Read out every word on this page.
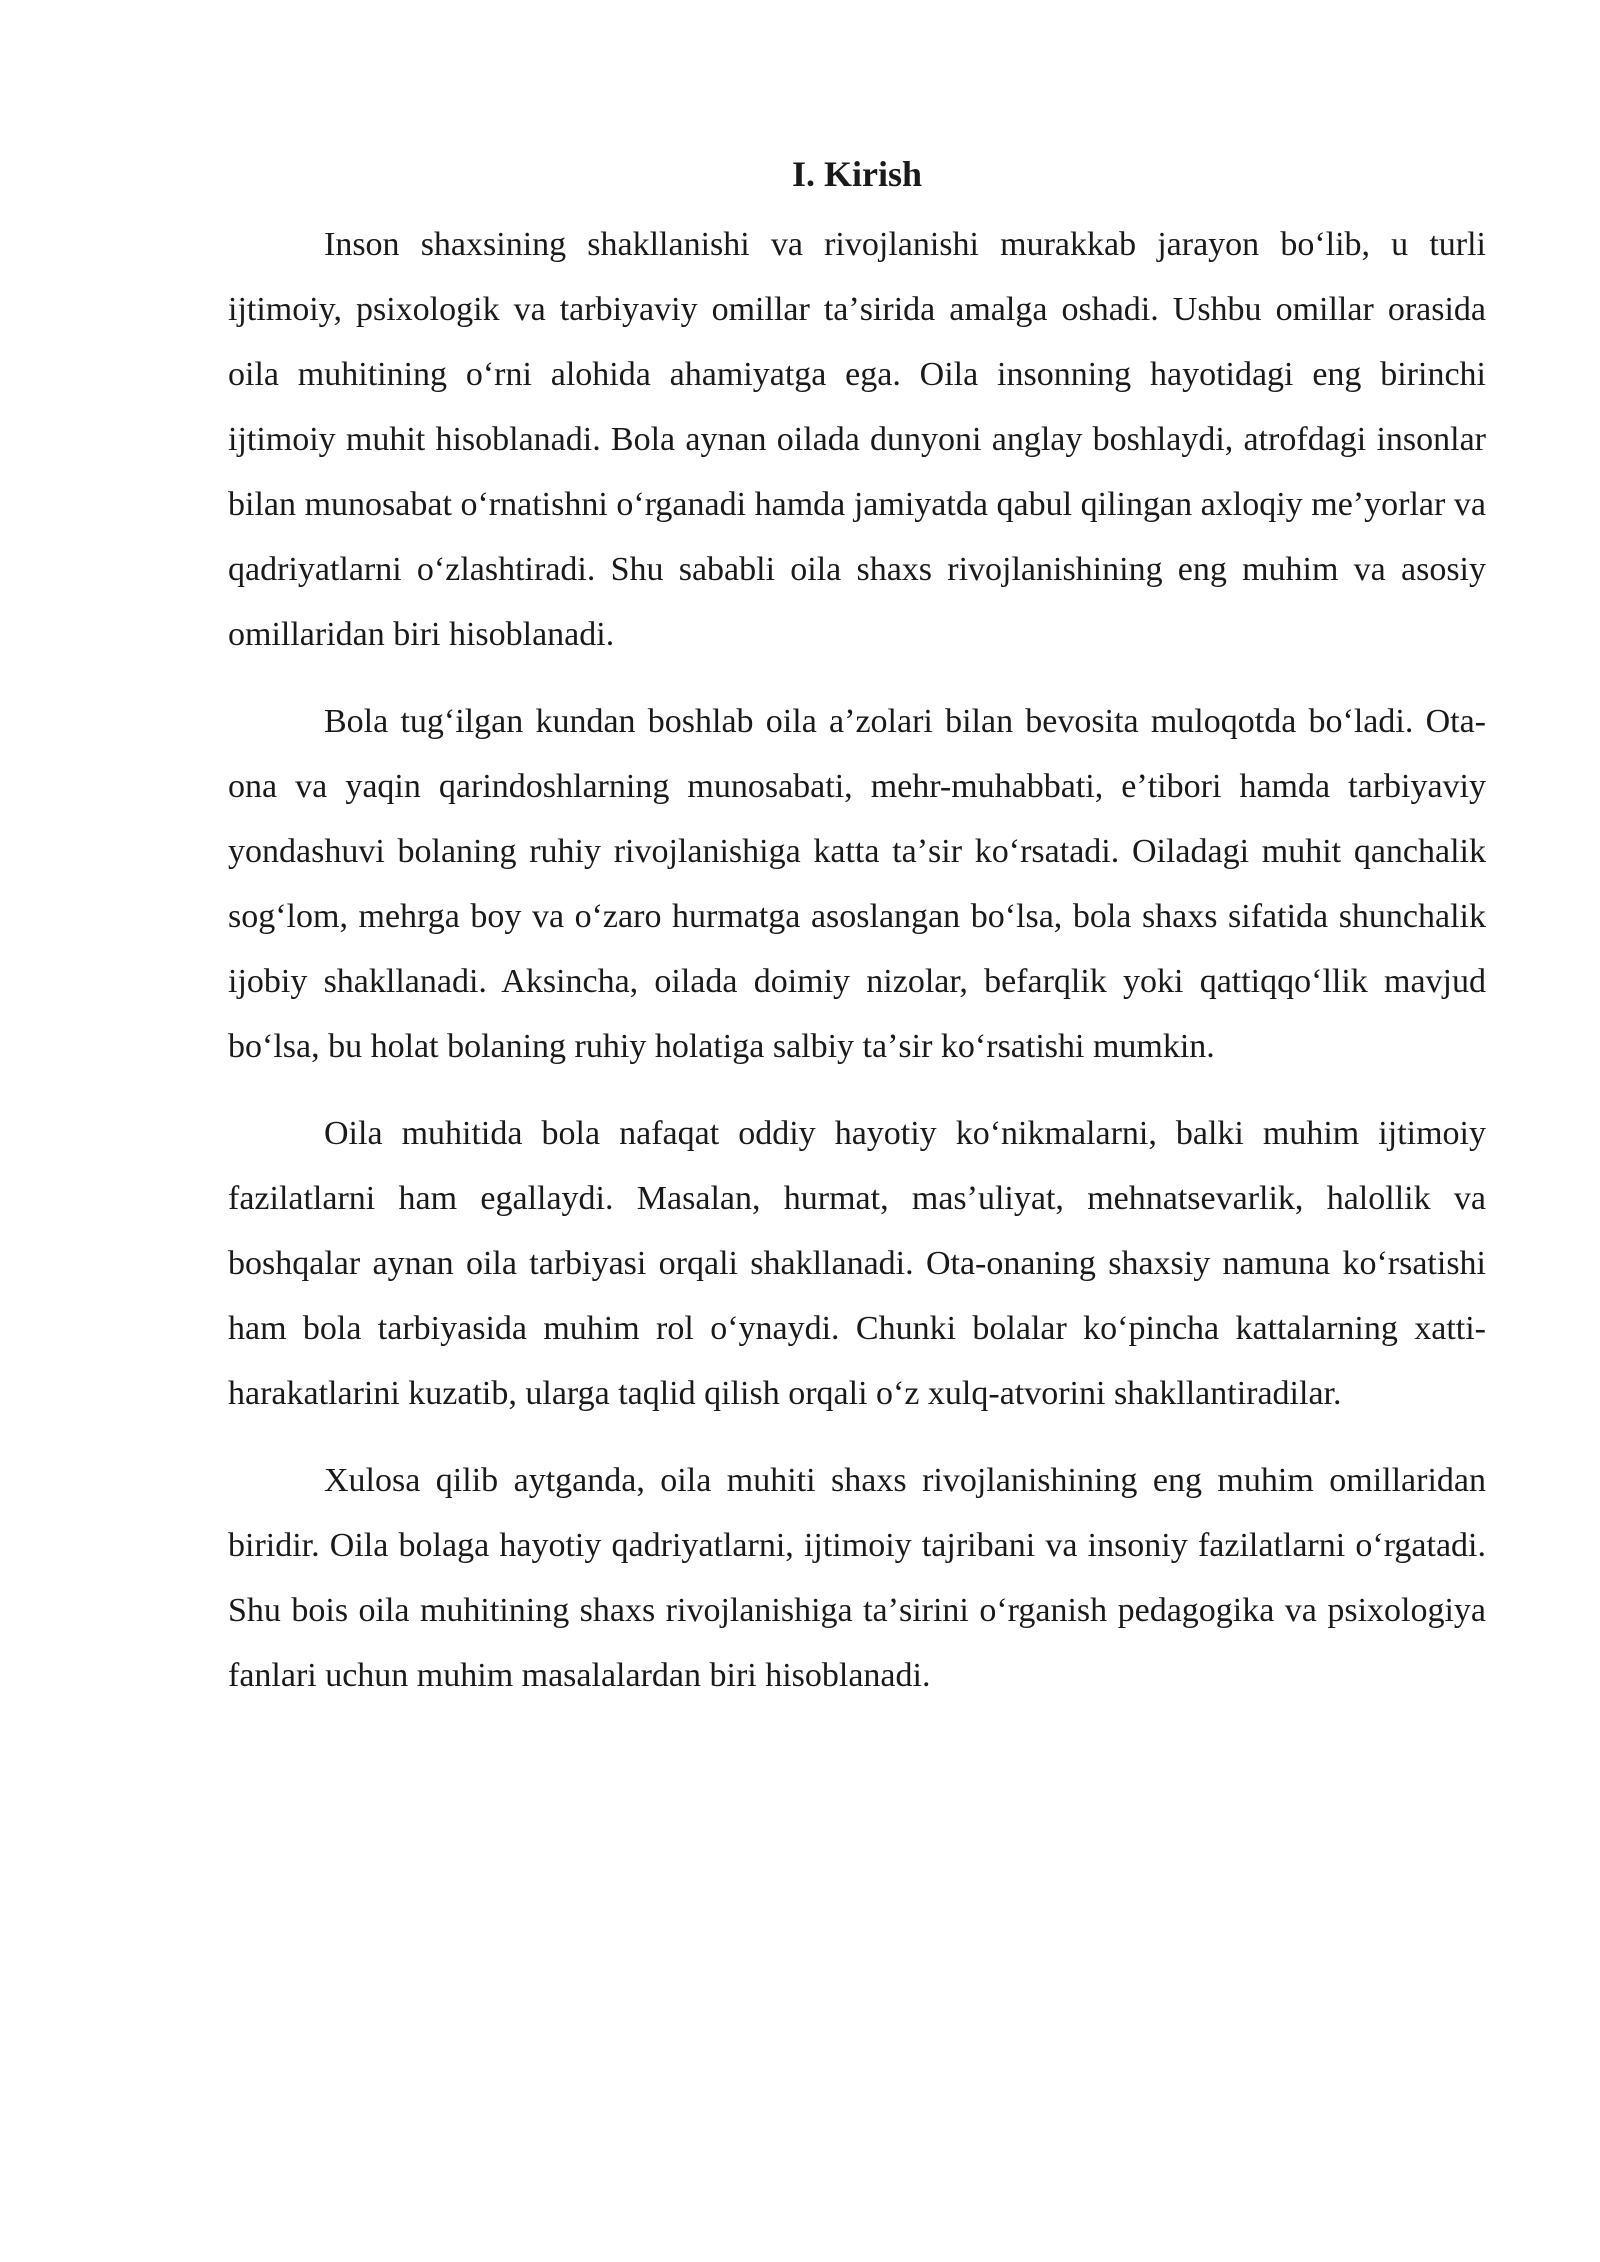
I. Kirish

Inson shaxsining shakllanishi va rivojlanishi murakkab jarayon boʻlib, u turli ijtimoiy, psixologik va tarbiyaviy omillar taʼsirida amalga oshadi. Ushbu omillar orasida oila muhitining oʻrni alohida ahamiyatga ega. Oila insonning hayotidagi eng birinchi ijtimoiy muhit hisoblanadi. Bola aynan oilada dunyoni anglay boshlaydi, atrofdagi insonlar bilan munosabat oʻrnatishni oʻrganadi hamda jamiyatda qabul qilingan axloqiy meʼyorlar va qadriyatlarni oʻzlashtiradi. Shu sababli oila shaxs rivojlanishining eng muhim va asosiy omillaridan biri hisoblanadi.

Bola tugʻilgan kundan boshlab oila aʼzolari bilan bevosita muloqotda boʻladi. Ota-ona va yaqin qarindoshlarning munosabati, mehr-muhabbati, eʼtibori hamda tarbiyaviy yondashuvi bolaning ruhiy rivojlanishiga katta taʼsir koʻrsatadi. Oiladagi muhit qanchalik sogʻlom, mehrga boy va oʻzaro hurmatga asoslangan boʻlsa, bola shaxs sifatida shunchalik ijobiy shakllanadi. Aksincha, oilada doimiy nizolar, befarqlik yoki qattiqqoʻllik mavjud boʻlsa, bu holat bolaning ruhiy holatiga salbiy taʼsir koʻrsatishi mumkin.

Oila muhitida bola nafaqat oddiy hayotiy koʻnikmalarni, balki muhim ijtimoiy fazilatlarni ham egallaydi. Masalan, hurmat, masʼuliyat, mehnatsevarlik, halollik va boshqalar aynan oila tarbiyasi orqali shakllanadi. Ota-onaning shaxsiy namuna koʻrsatishi ham bola tarbiyasida muhim rol oʻynaydi. Chunki bolalar koʻpincha kattalarning xatti-harakatlarini kuzatib, ularga taqlid qilish orqali oʻz xulq-atvorini shakllantiradilar.

Xulosa qilib aytganda, oila muhiti shaxs rivojlanishining eng muhim omillaridan biridir. Oila bolaga hayotiy qadriyatlarni, ijtimoiy tajribani va insoniy fazilatlarni oʻrgatadi. Shu bois oila muhitining shaxs rivojlanishiga taʼsirini oʻrganish pedagogika va psixologiya fanlari uchun muhim masalalardan biri hisoblanadi.
